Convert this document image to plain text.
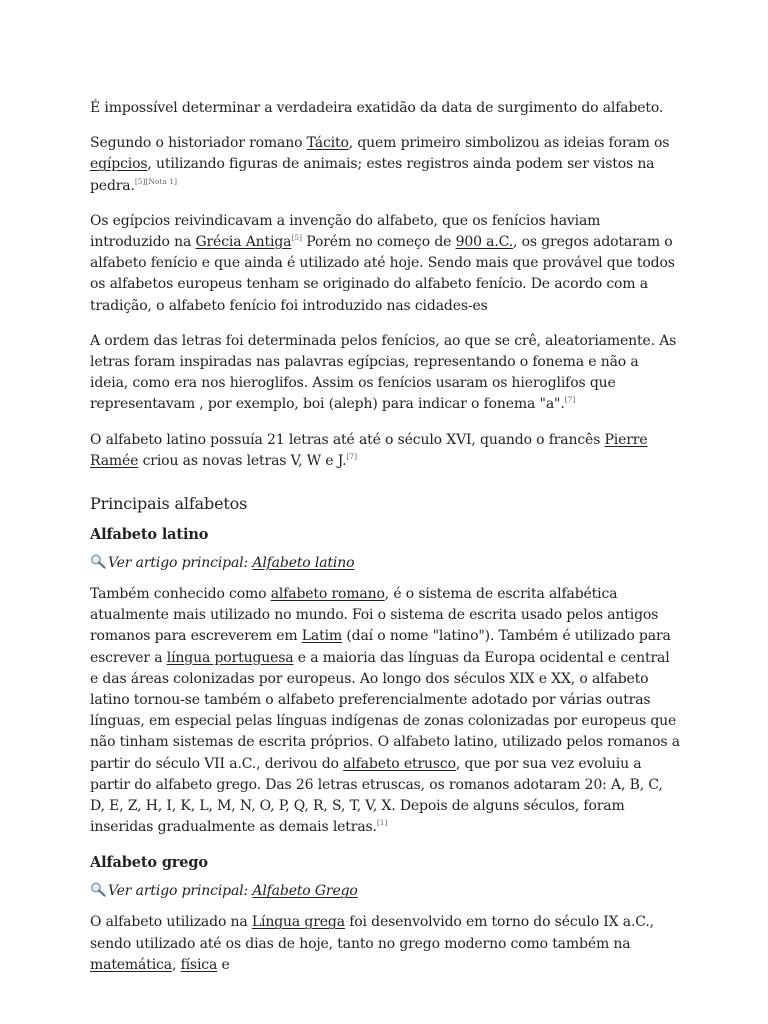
É impossível determinar a verdadeira exatidão da data de surgimento do alfabeto.

Segundo o historiador romano Tácito, quem primeiro simbolizou as ideias foram os egípcios, utilizando figuras de animais; estes registros ainda podem ser vistos na pedra.[5][Nota 1]

Os egípcios reivindicavam a invenção do alfabeto, que os fenícios haviam introduzido na Grécia Antiga[5] Porém no começo de 900 a.C., os gregos adotaram o alfabeto fenício e que ainda é utilizado até hoje. Sendo mais que provável que todos os alfabetos europeus tenham se originado do alfabeto fenício. De acordo com a tradição, o alfabeto fenício foi introduzido nas cidades-es

A ordem das letras foi determinada pelos fenícios, ao que se crê, aleatoriamente. As letras foram inspiradas nas palavras egípcias, representando o fonema e não a ideia, como era nos hieroglifos. Assim os fenícios usaram os hieroglifos que representavam , por exemplo, boi (aleph) para indicar o fonema "a".[7]

O alfabeto latino possuía 21 letras até até o século XVI, quando o francês Pierre Ramée criou as novas letras V, W e J.[7]

Principais alfabetos
Alfabeto latino
Ver artigo principal: Alfabeto latino

Também conhecido como alfabeto romano, é o sistema de escrita alfabética atualmente mais utilizado no mundo. Foi o sistema de escrita usado pelos antigos romanos para escreverem em Latim (daí o nome "latino"). Também é utilizado para escrever a língua portuguesa e a maioria das línguas da Europa ocidental e central e das áreas colonizadas por europeus. Ao longo dos séculos XIX e XX, o alfabeto latino tornou-se também o alfabeto preferencialmente adotado por várias outras línguas, em especial pelas línguas indígenas de zonas colonizadas por europeus que não tinham sistemas de escrita próprios. O alfabeto latino, utilizado pelos romanos a partir do século VII a.C., derivou do alfabeto etrusco, que por sua vez evoluiu a partir do alfabeto grego. Das 26 letras etruscas, os romanos adotaram 20: A, B, C, D, E, Z, H, I, K, L, M, N, O, P, Q, R, S, T, V, X. Depois de alguns séculos, foram inseridas gradualmente as demais letras.[1]

Alfabeto grego
Ver artigo principal: Alfabeto Grego

O alfabeto utilizado na Língua grega foi desenvolvido em torno do século IX a.C., sendo utilizado até os dias de hoje, tanto no grego moderno como também na matemática, física e
